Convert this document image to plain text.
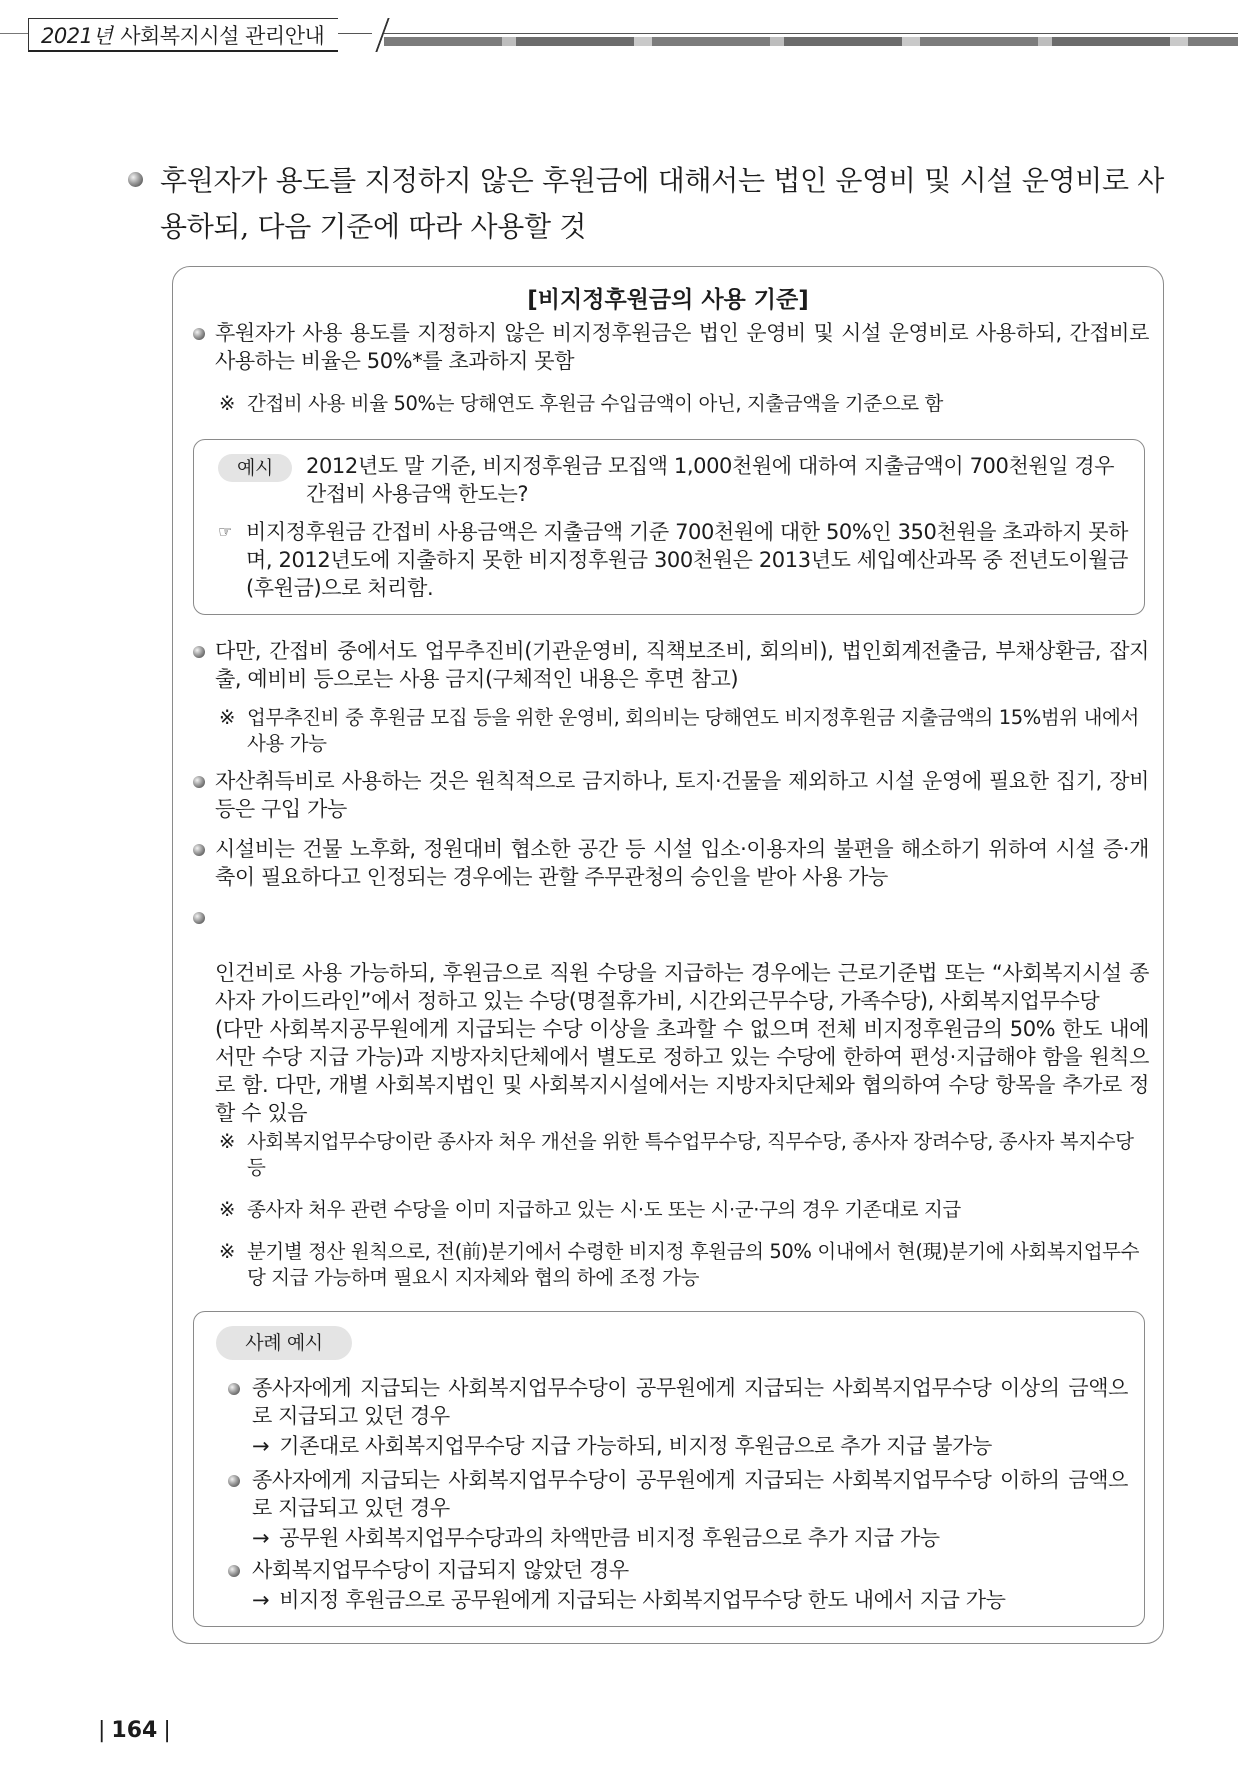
2021년 사회복지시설 관리안내
후원자가 용도를 지정하지 않은 후원금에 대해서는 법인 운영비 및 시설 운영비로 사용하되, 다음 기준에 따라 사용할 것
[비지정후원금의 사용 기준]
후원자가 사용 용도를 지정하지 않은 비지정후원금은 법인 운영비 및 시설 운영비로 사용하되, 간접비로 사용하는 비율은 50%*를 초과하지 못함
※ 간접비 사용 비율 50%는 당해연도 후원금 수입금액이 아닌, 지출금액을 기준으로 함
예시	2012년도 말 기준, 비지정후원금 모집액 1,000천원에 대하여 지출금액이 700천원일 경우 간접비 사용금액 한도는?
☞ 비지정후원금 간접비 사용금액은 지출금액 기준 700천원에 대한 50%인 350천원을 초과하지 못하며, 2012년도에 지출하지 못한 비지정후원금 300천원은 2013년도 세입예산과목 중 전년도이월금(후원금)으로 처리함.
다만, 간접비 중에서도 업무추진비(기관운영비, 직책보조비, 회의비), 법인회계전출금, 부채상환금, 잡지출, 예비비 등으로는 사용 금지(구체적인 내용은 후면 참고)
※ 업무추진비 중 후원금 모집 등을 위한 운영비, 회의비는 당해연도 비지정후원금 지출금액의 15%범위 내에서 사용 가능
자산취득비로 사용하는 것은 원칙적으로 금지하나, 토지·건물을 제외하고 시설 운영에 필요한 집기, 장비 등은 구입 가능
시설비는 건물 노후화, 정원대비 협소한 공간 등 시설 입소·이용자의 불편을 해소하기 위하여 시설 증·개축이 필요하다고 인정되는 경우에는 관할 주무관청의 승인을 받아 사용 가능

인건비로 사용 가능하되, 후원금으로 직원 수당을 지급하는 경우에는 근로기준법 또는 “사회복지시설 종사자 가이드라인”에서 정하고 있는 수당(명절휴가비, 시간외근무수당, 가족수당), 사회복지업무수당
(다만 사회복지공무원에게 지급되는 수당 이상을 초과할 수 없으며 전체 비지정후원금의 50% 한도 내에서만 수당 지급 가능)과 지방자치단체에서 별도로 정하고 있는 수당에 한하여 편성·지급해야 함을 원칙으로 함. 다만, 개별 사회복지법인 및 사회복지시설에서는 지방자치단체와 협의하여 수당 항목을 추가로 정할 수 있음

※ 사회복지업무수당이란 종사자 처우 개선을 위한 특수업무수당, 직무수당, 종사자 장려수당, 종사자 복지수당 등
※ 종사자 처우 관련 수당을 이미 지급하고 있는 시·도 또는 시·군·구의 경우 기존대로 지급
※ 분기별 정산 원칙으로, 전(前)분기에서 수령한 비지정 후원금의 50% 이내에서 현(現)분기에 사회복지업무수당 지급 가능하며 필요시 지자체와 협의 하에 조정 가능
사례 예시
종사자에게 지급되는 사회복지업무수당이 공무원에게 지급되는 사회복지업무수당 이상의 금액으로 지급되고 있던 경우
→ 기존대로 사회복지업무수당 지급 가능하되, 비지정 후원금으로 추가 지급 불가능
종사자에게 지급되는 사회복지업무수당이 공무원에게 지급되는 사회복지업무수당 이하의 금액으로 지급되고 있던 경우
→ 공무원 사회복지업무수당과의 차액만큼 비지정 후원금으로 추가 지급 가능
사회복지업무수당이 지급되지 않았던 경우
→ 비지정 후원금으로 공무원에게 지급되는 사회복지업무수당 한도 내에서 지급 가능
| 164 |
